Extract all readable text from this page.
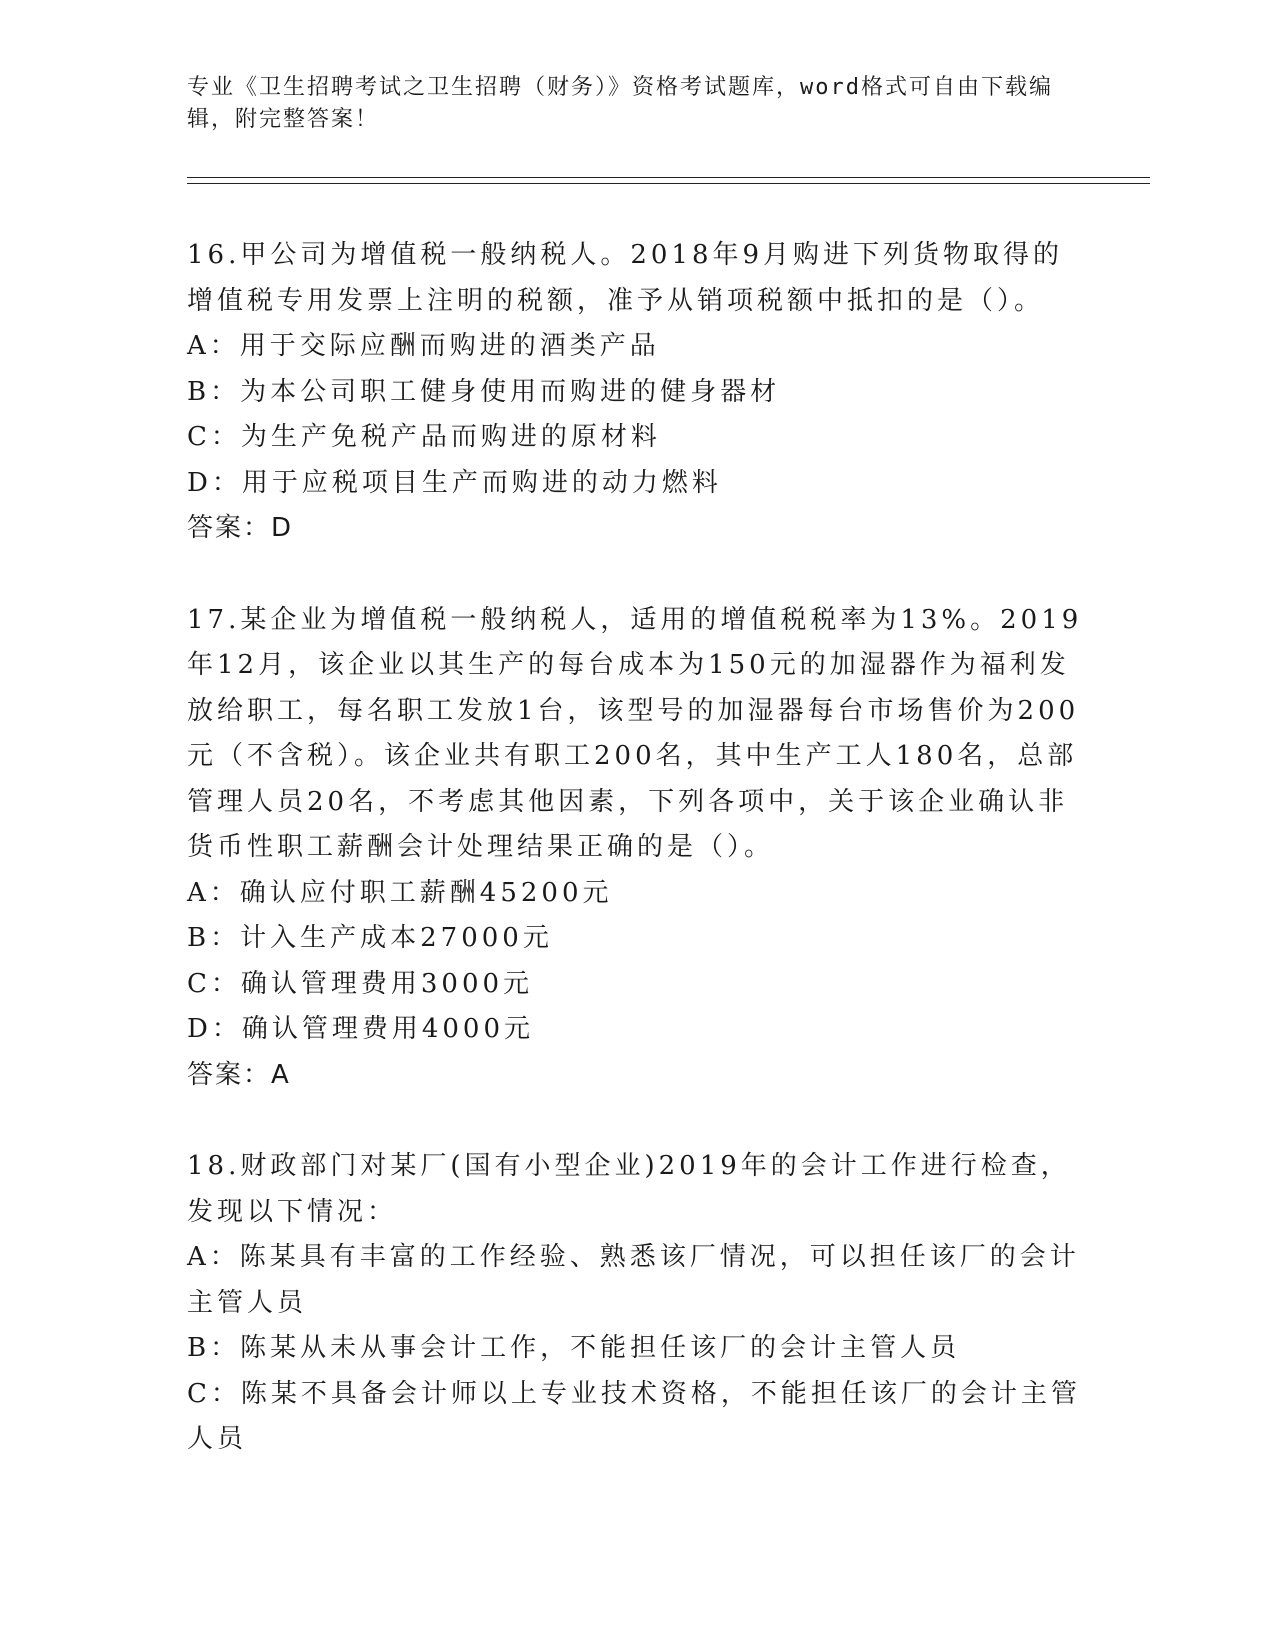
专业《卫生招聘考试之卫生招聘（财务）》资格考试题库，word格式可自由下载编辑，附完整答案！
16.甲公司为增值税一般纳税人。2018年9月购进下列货物取得的增值税专用发票上注明的税额，准予从销项税额中抵扣的是（）。
A：用于交际应酬而购进的酒类产品
B：为本公司职工健身使用而购进的健身器材
C：为生产免税产品而购进的原材料
D：用于应税项目生产而购进的动力燃料
答案：D
17.某企业为增值税一般纳税人，适用的增值税税率为13%。2019年12月，该企业以其生产的每台成本为150元的加湿器作为福利发放给职工，每名职工发放1台，该型号的加湿器每台市场售价为200元（不含税）。该企业共有职工200名，其中生产工人180名，总部管理人员20名，不考虑其他因素，下列各项中，关于该企业确认非货币性职工薪酬会计处理结果正确的是（）。
A：确认应付职工薪酬45200元
B：计入生产成本27000元
C：确认管理费用3000元
D：确认管理费用4000元
答案：A
18.财政部门对某厂(国有小型企业)2019年的会计工作进行检查，发现以下情况：
A：陈某具有丰富的工作经验、熟悉该厂情况，可以担任该厂的会计主管人员
B：陈某从未从事会计工作，不能担任该厂的会计主管人员
C：陈某不具备会计师以上专业技术资格，不能担任该厂的会计主管人员
